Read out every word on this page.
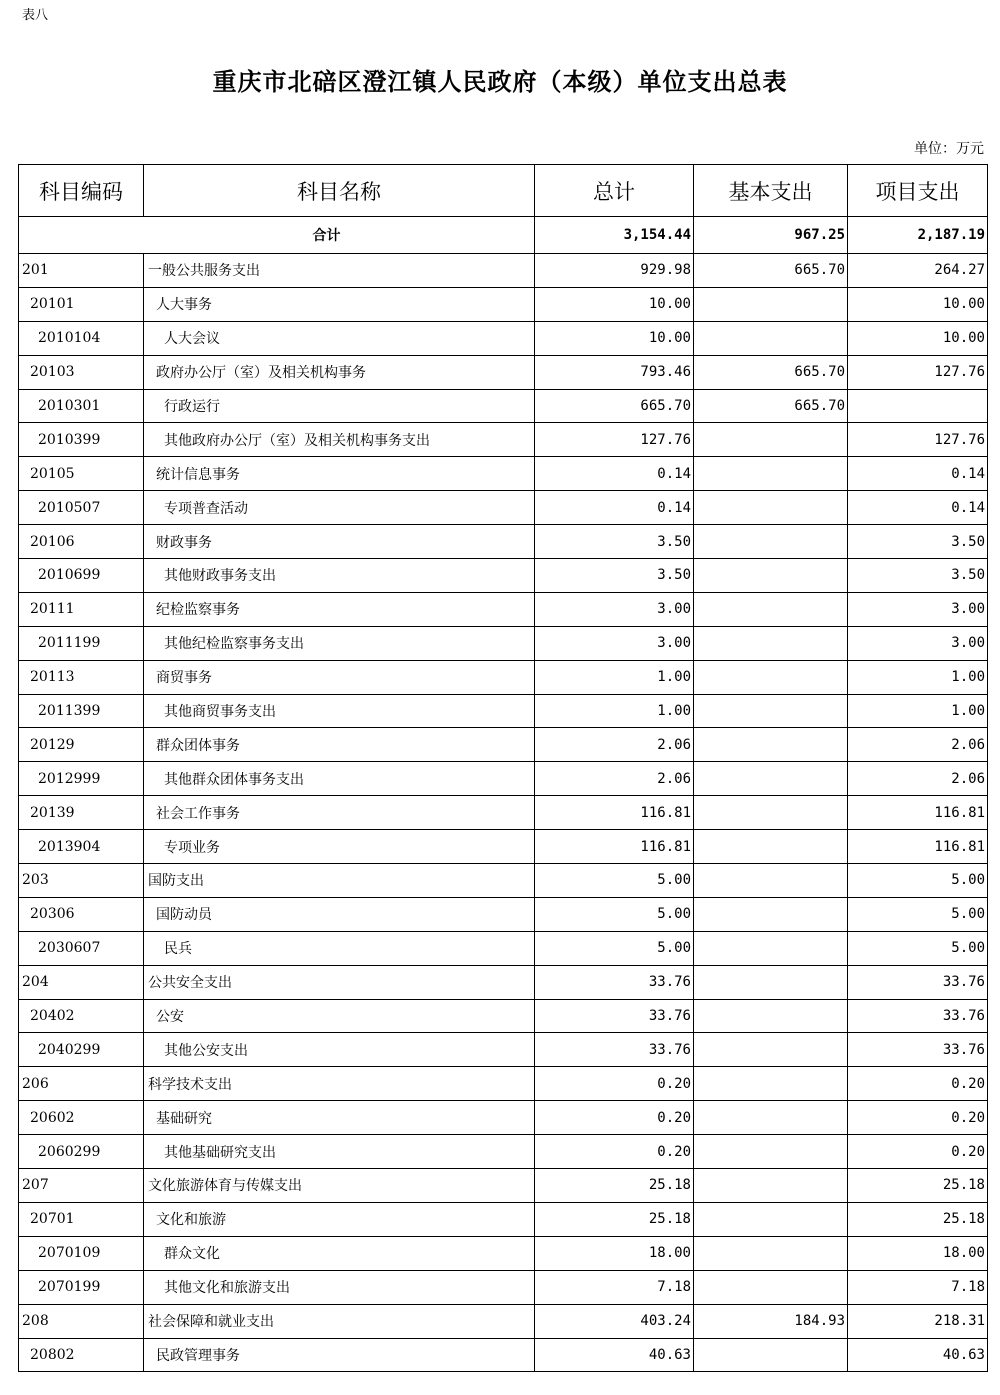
表八
重庆市北碚区澄江镇人民政府（本级）单位支出总表
单位：万元
科目编码	科目名称	总计	基本支出	项目支出
合计		3,154.44	967.25	2,187.19
201	一般公共服务支出	929.98	665.70	264.27
20101	人大事务	10.00		10.00
2010104	人大会议	10.00		10.00
20103	政府办公厅（室）及相关机构事务	793.46	665.70	127.76
2010301	行政运行	665.70	665.70	
2010399	其他政府办公厅（室）及相关机构事务支出	127.76		127.76
20105	统计信息事务	0.14		0.14
2010507	专项普查活动	0.14		0.14
20106	财政事务	3.50		3.50
2010699	其他财政事务支出	3.50		3.50
20111	纪检监察事务	3.00		3.00
2011199	其他纪检监察事务支出	3.00		3.00
20113	商贸事务	1.00		1.00
2011399	其他商贸事务支出	1.00		1.00
20129	群众团体事务	2.06		2.06
2012999	其他群众团体事务支出	2.06		2.06
20139	社会工作事务	116.81		116.81
2013904	专项业务	116.81		116.81
203	国防支出	5.00		5.00
20306	国防动员	5.00		5.00
2030607	民兵	5.00		5.00
204	公共安全支出	33.76		33.76
20402	公安	33.76		33.76
2040299	其他公安支出	33.76		33.76
206	科学技术支出	0.20		0.20
20602	基础研究	0.20		0.20
2060299	其他基础研究支出	0.20		0.20
207	文化旅游体育与传媒支出	25.18		25.18
20701	文化和旅游	25.18		25.18
2070109	群众文化	18.00		18.00
2070199	其他文化和旅游支出	7.18		7.18
208	社会保障和就业支出	403.24	184.93	218.31
20802	民政管理事务	40.63		40.63
